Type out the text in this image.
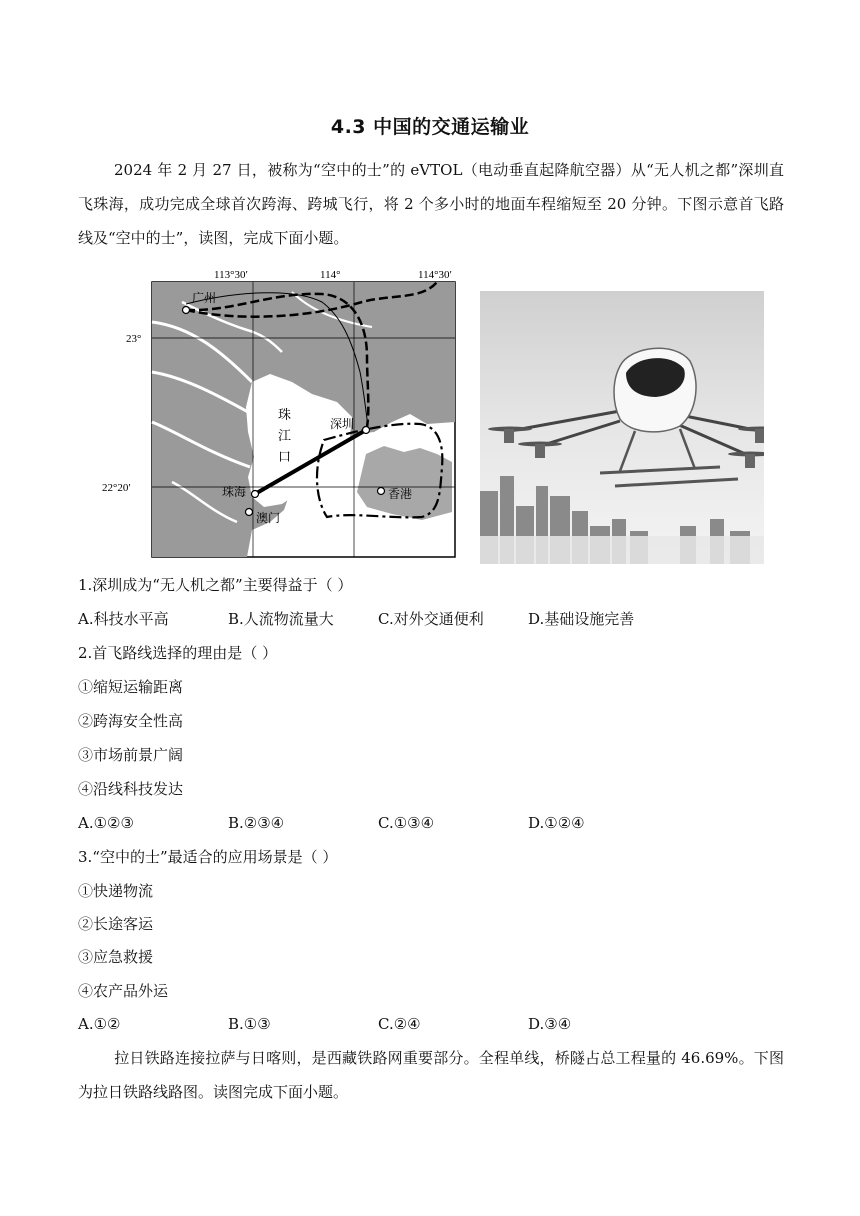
4.3 中国的交通运输业
2024 年 2 月 27 日，被称为“空中的士”的 eVTOL（电动垂直起降航空器）从“无人机之都”深圳直飞珠海，成功完成全球首次跨海、跨城飞行，将 2 个多小时的地面车程缩短至 20 分钟。下图示意首飞路线及“空中的士”，读图，完成下面小题。
113°30′	114°	114°30′
23°
22°20′
广州
深圳
珠
江
口
珠海
澳门
香港
1.深圳成为“无人机之都”主要得益于（ ）
A.科技水平高	B.人流物流量大	C.对外交通便利	D.基础设施完善
2.首飞路线选择的理由是（ ）
①缩短运输距离
②跨海安全性高
③市场前景广阔
④沿线科技发达
A.①②③	B.②③④	C.①③④	D.①②④
3.“空中的士”最适合的应用场景是（ ）
①快递物流
②长途客运
③应急救援
④农产品外运
A.①②	B.①③	C.②④	D.③④
拉日铁路连接拉萨与日喀则，是西藏铁路网重要部分。全程单线，桥隧占总工程量的 46.69%。下图为拉日铁路线路图。读图完成下面小题。
